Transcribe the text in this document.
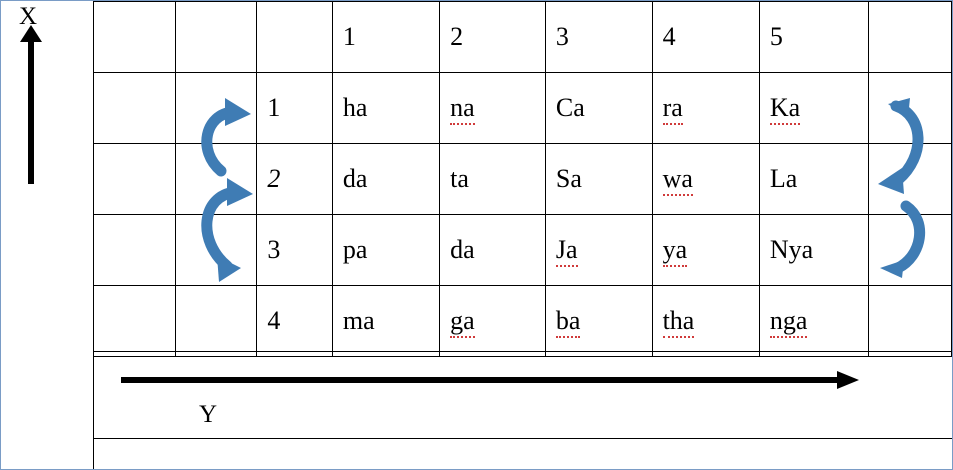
X
			1	2	3	4	5	
		1	ha	na	Ca	ra	Ka	
		2	da	ta	Sa	wa	La	
		3	pa	da	Ja	ya	Nya	
		4	ma	ga	ba	tha	nga	
Y
